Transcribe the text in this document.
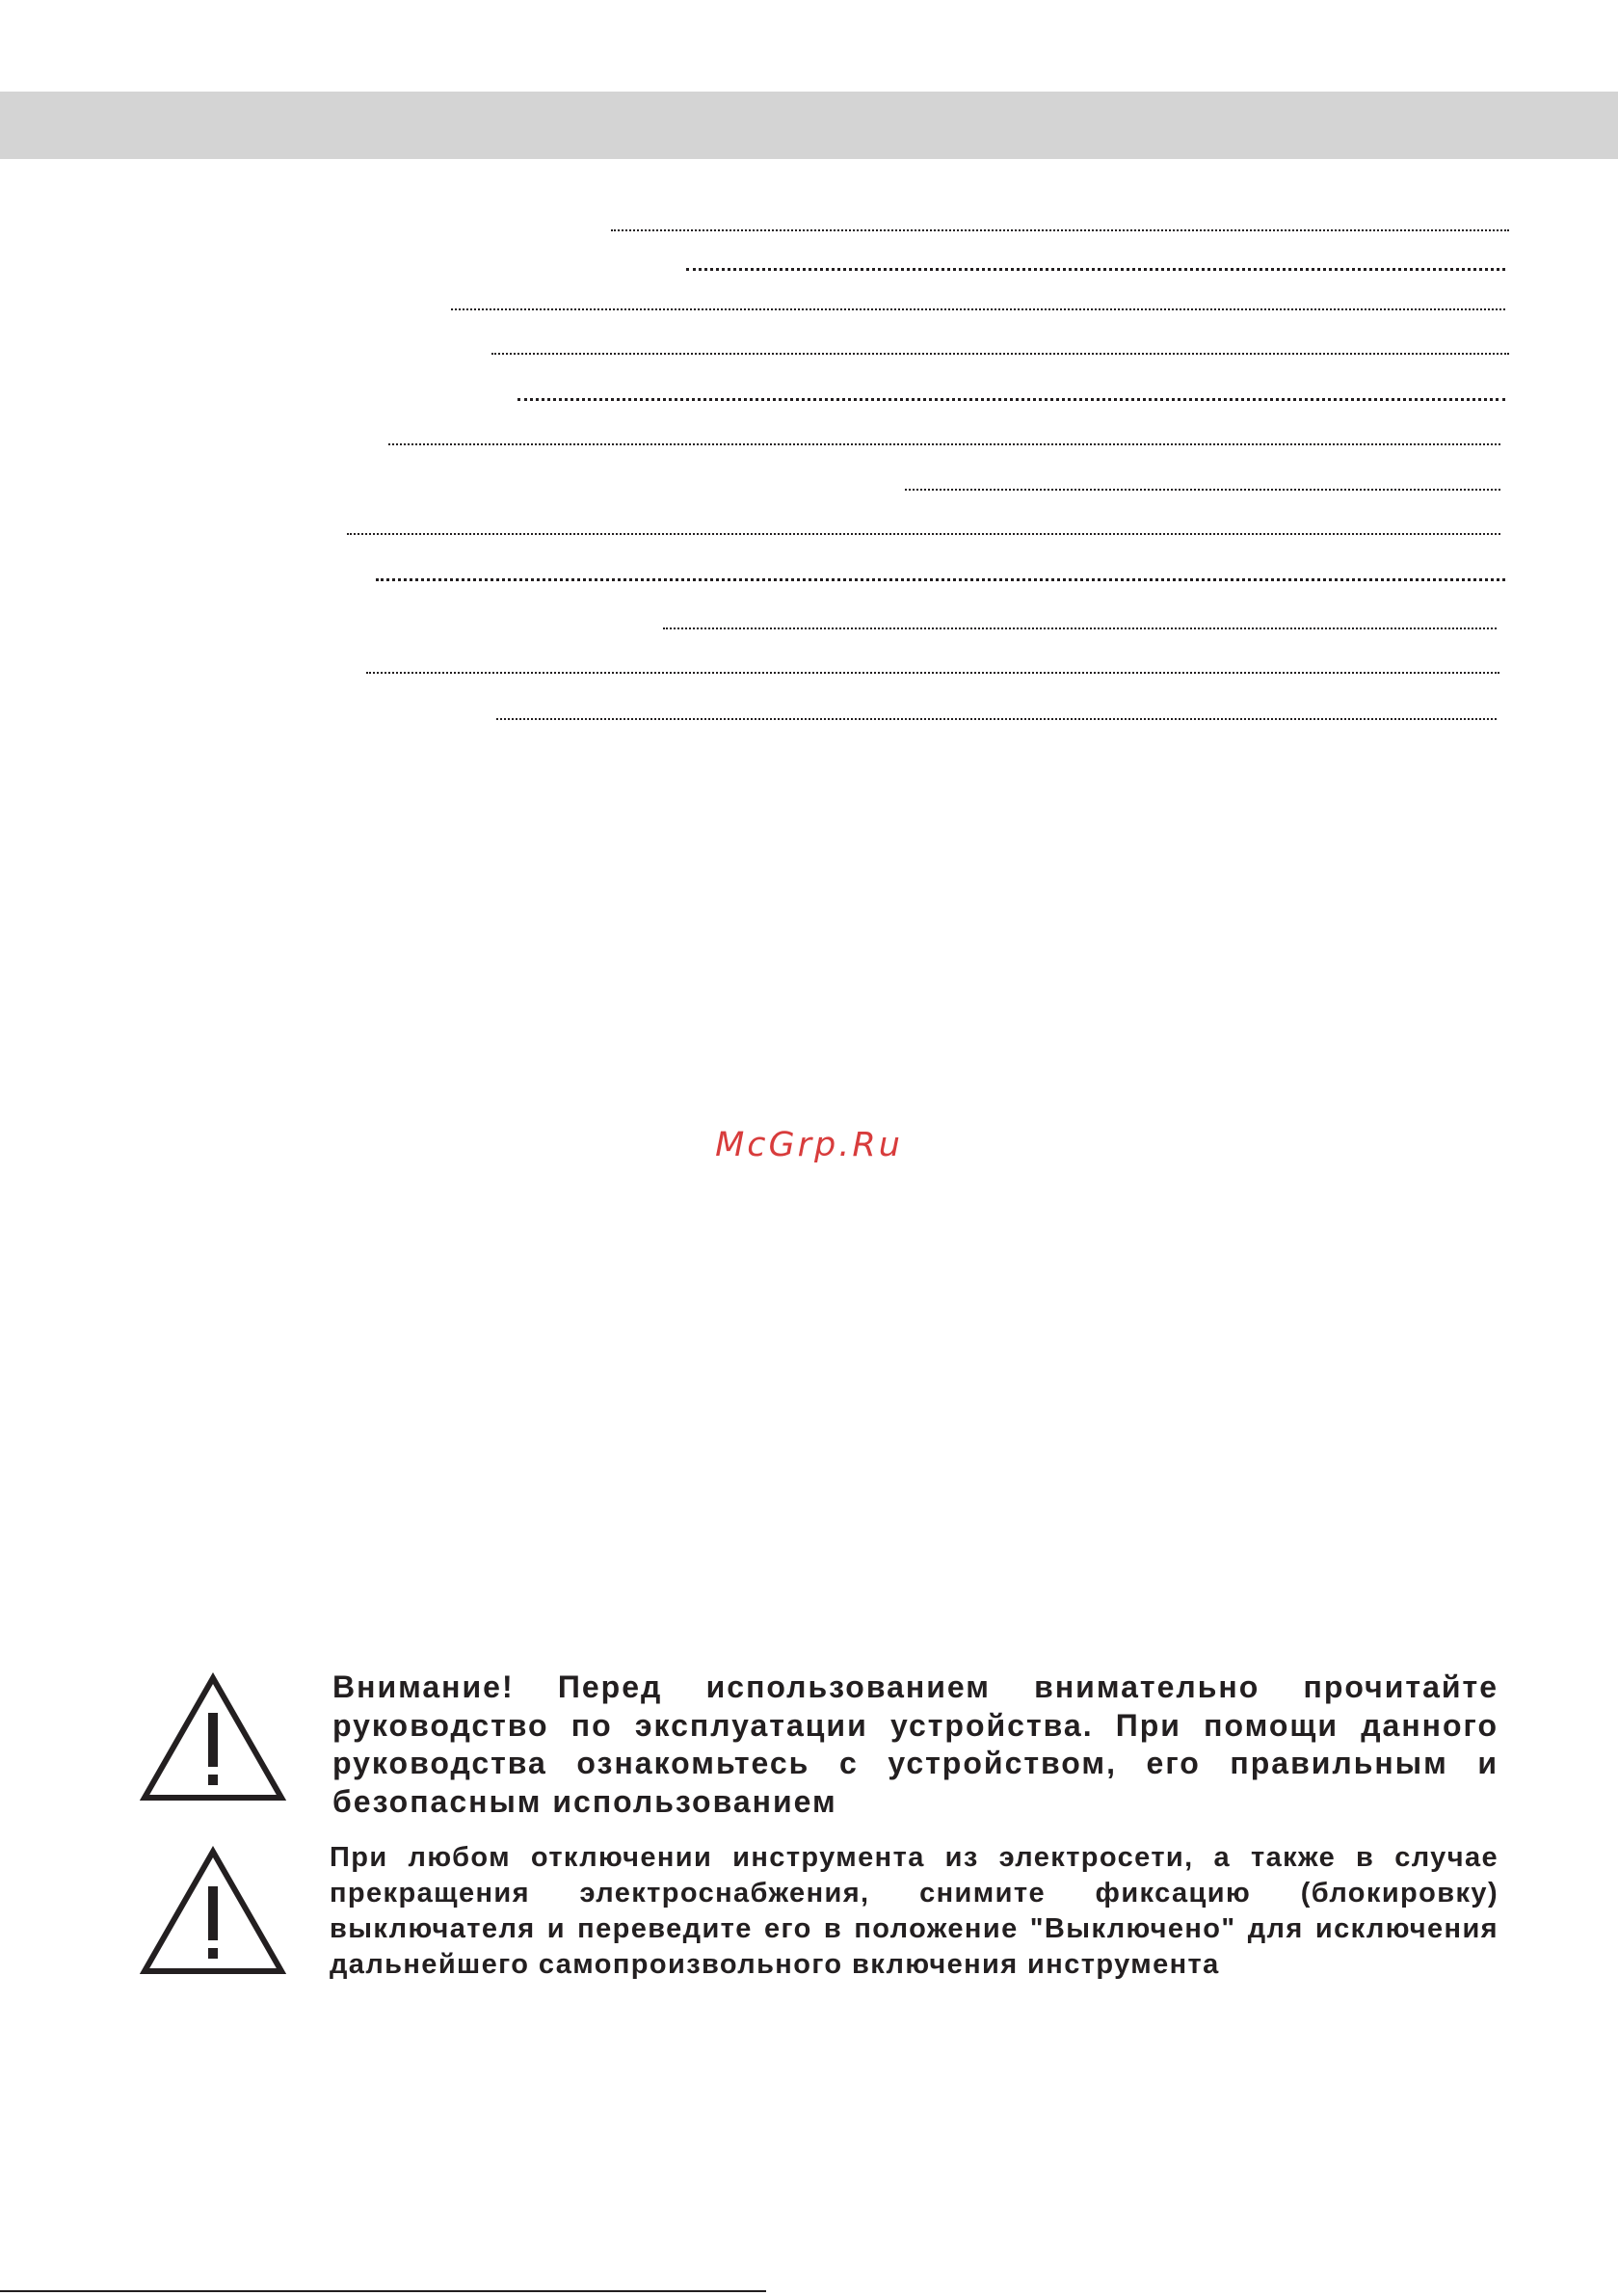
McGrp.Ru
Внимание! Перед использованием внимательно прочитайте руководство по эксплуатации устройства. При помощи данного руководства ознакомьтесь с устройством, его правильным и безопасным использованием
При любом отключении инструмента из электросети, а также в случае прекращения электроснабжения, снимите фиксацию (блокировку) выключателя и переведите его в положение "Выключено" для исключения дальнейшего самопроизвольного включения инструмента
